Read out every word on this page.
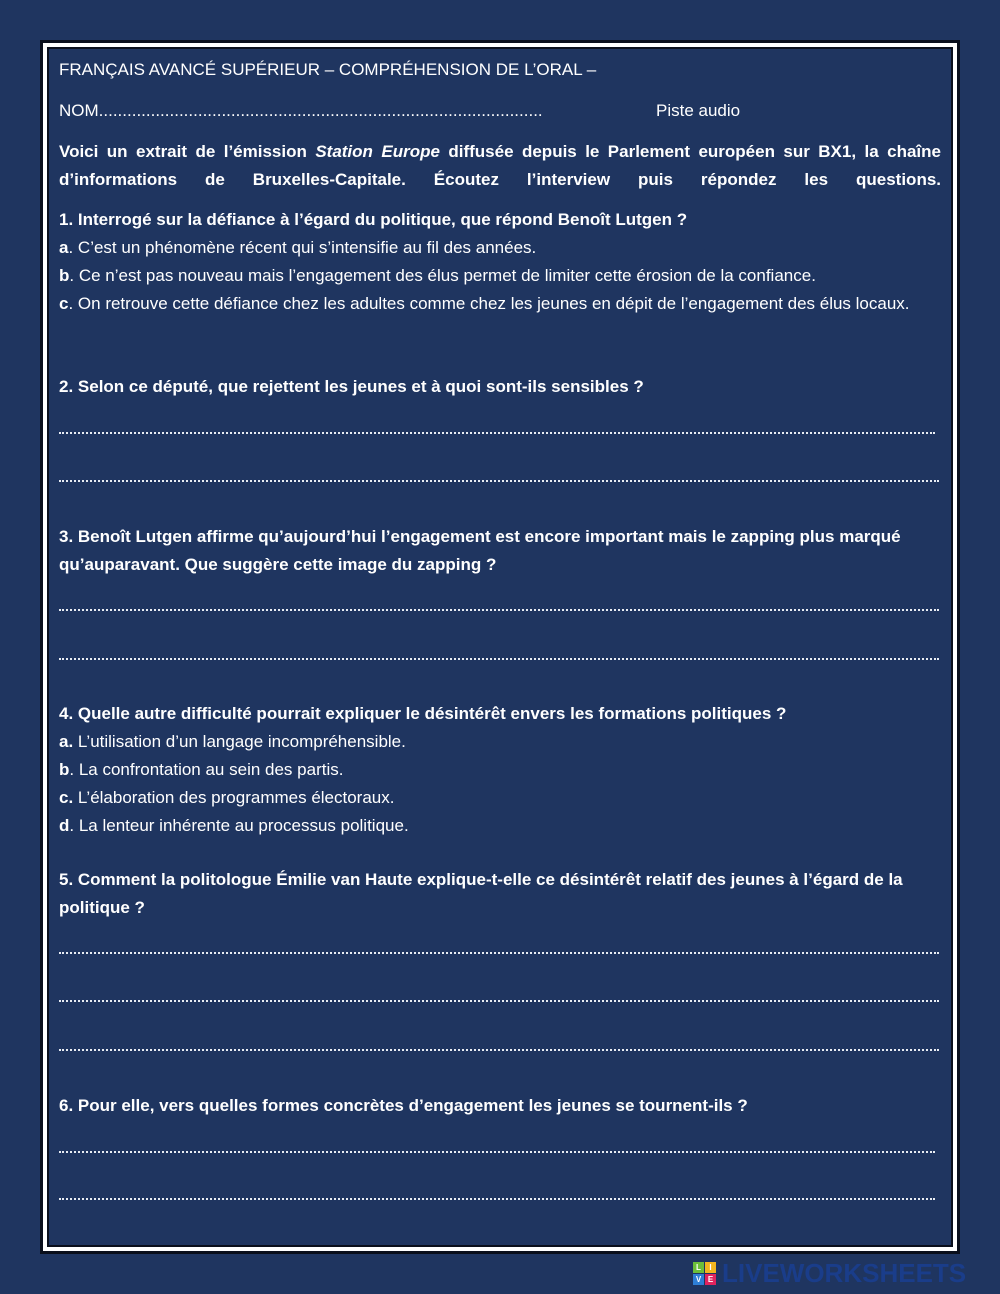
FRANÇAIS AVANCÉ SUPÉRIEUR – COMPRÉHENSION DE L’ORAL –
NOM..............................................................................................	Piste audio
Voici un extrait de l’émission Station Europe diffusée depuis le Parlement européen sur BX1, la chaîne d’informations de Bruxelles-Capitale. Écoutez l’interview puis répondez les questions.
1. Interrogé sur la défiance à l’égard du politique, que répond Benoît Lutgen ?
a. C’est un phénomène récent qui s’intensifie au fil des années.
b. Ce n’est pas nouveau mais l’engagement des élus permet de limiter cette érosion de la confiance.
c. On retrouve cette défiance chez les adultes comme chez les jeunes en dépit de l’engagement des élus locaux.
2. Selon ce député, que rejettent les jeunes et à quoi sont-ils sensibles ?
3. Benoît Lutgen affirme qu’aujourd’hui l’engagement est encore important mais le zapping plus marqué qu’auparavant. Que suggère cette image du zapping ?
4. Quelle autre difficulté pourrait expliquer le désintérêt envers les formations politiques ?
a. L’utilisation d’un langage incompréhensible.
b. La confrontation au sein des partis.
c. L’élaboration des programmes électoraux.
d. La lenteur inhérente au processus politique.
5. Comment la politologue Émilie van Haute explique-t-elle ce désintérêt relatif des jeunes à l’égard de la politique ?
6. Pour elle, vers quelles formes concrètes d’engagement les jeunes se tournent-ils ?
L	I
V E LIVEWORKSHEETS
